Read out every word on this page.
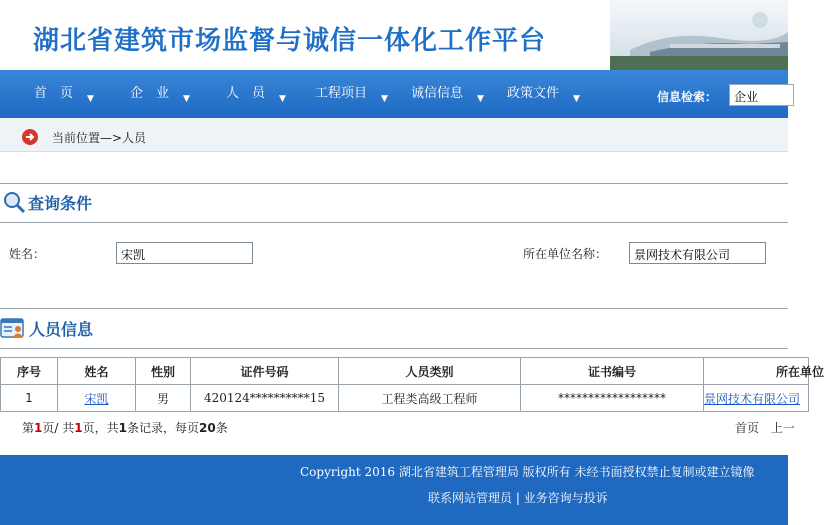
湖北省建筑市场监督与诚信一体化工作平台
首　页 ▼	企　业 ▼	人　员 ▼ 工程项目 ▼ 诚信信息 ▼ 政策文件 ▼	信息检索：	企业
当前位置—>人员
查询条件
姓名：	宋凯	所在单位名称：	景网技术有限公司
人员信息
序号	姓名	性别	证件号码	人员类别	证书编号	所在单位
1	宋凯	男	420124**********15	工程类高级工程师	******************	景网技术有限公司
第1页/ 共1页，共1条记录，每页20条	首页 上一
Copyright 2016 湖北省建筑工程管理局 版权所有 未经书面授权禁止复制或建立镜像
联系网站管理员 | 业务咨询与投诉
